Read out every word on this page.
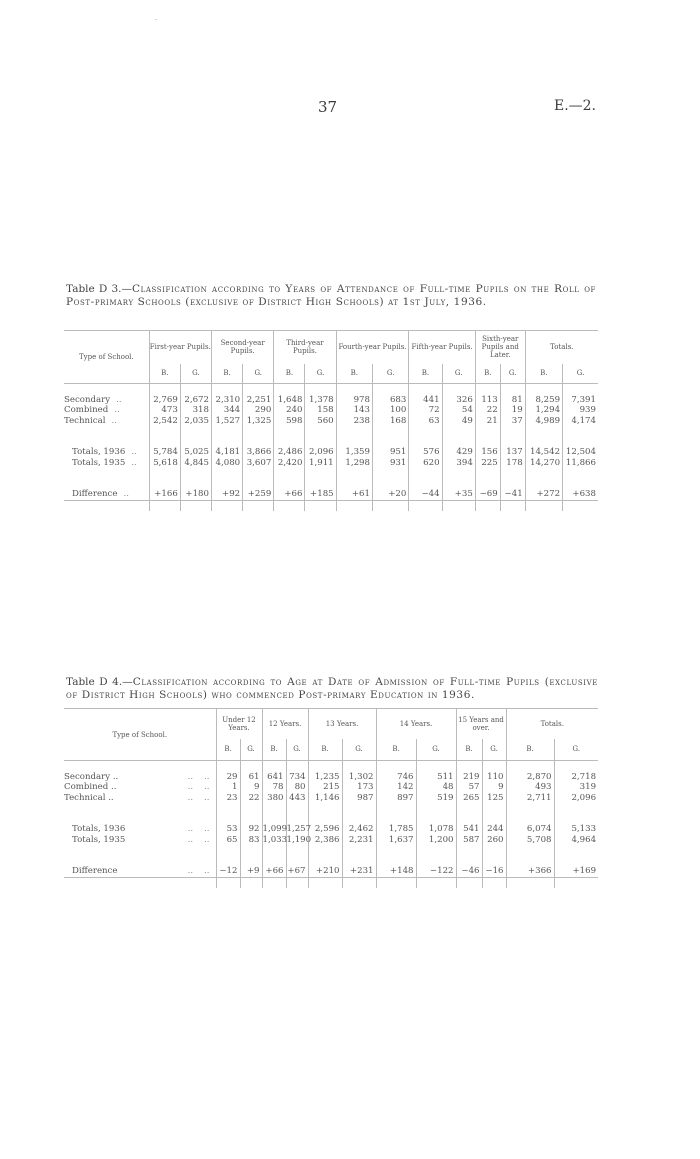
·
37	E.—2.
Table D 3.—Classification according to Years of Attendance of Full-time Pupils on the Roll of Post-primary Schools (exclusive of District High Schools) at 1st July, 1936.
Type of School.	First-year Pupils.		Second-year Pupils.		Third-year Pupils.		Fourth-year Pupils.		Fifth-year Pupils.		Sixth-year Pupils and Later.		Totals.	
	B.	G.	B.	G.	B.	G.	B.	G.	B.	G.	B.	G.	B.	G.

Secondary ..	2,769	2,672	2,310	2,251	1,648	1,378	978	683	441	326	113	81	8,259	7,391
Combined ..	473	318	344	290	240	158	143	100	72	54	22	19	1,294	939
Technical ..	2,542	2,035	1,527	1,325	598	560	238	168	63	49	21	37	4,989	4,174

Totals, 1936 ..	5,784	5,025	4,181	3,866	2,486	2,096	1,359	951	576	429	156	137	14,542	12,504
Totals, 1935 ..	5,618	4,845	4,080	3,607	2,420	1,911	1,298	931	620	394	225	178	14,270	11,866

Difference ..	+166	+180	+92	+259	+66	+185	+61	+20	−44	+35	−69	−41	+272	+638

Table D 4.—Classification according to Age at Date of Admission of Full-time Pupils (exclusive of District High Schools) who commenced Post-primary Education in 1936.
Type of School.	Under 12 Years.		12 Years.		13 Years.		14 Years.		15 Years and over.		Totals.	
	B.	G.	B.	G.	B.	G.	B.	G.	B.	G.	B.	G.

Secondary .. ..    ..	29	61	641	734	1,235	1,302	746	511	219	110	2,870	2,718
Combined .. ..    ..	1	9	78	80	215	173	142	48	57	9	493	319
Technical .. ..    ..	23	22	380	443	1,146	987	897	519	265	125	2,711	2,096

Totals, 1936 ..    ..	53	92	1,099	1,257	2,596	2,462	1,785	1,078	541	244	6,074	5,133
Totals, 1935 ..    ..	65	83	1,033	1,190	2,386	2,231	1,637	1,200	587	260	5,708	4,964

Difference ..    ..	−12	+9	+66	+67	+210	+231	+148	−122	−46	−16	+366	+169
